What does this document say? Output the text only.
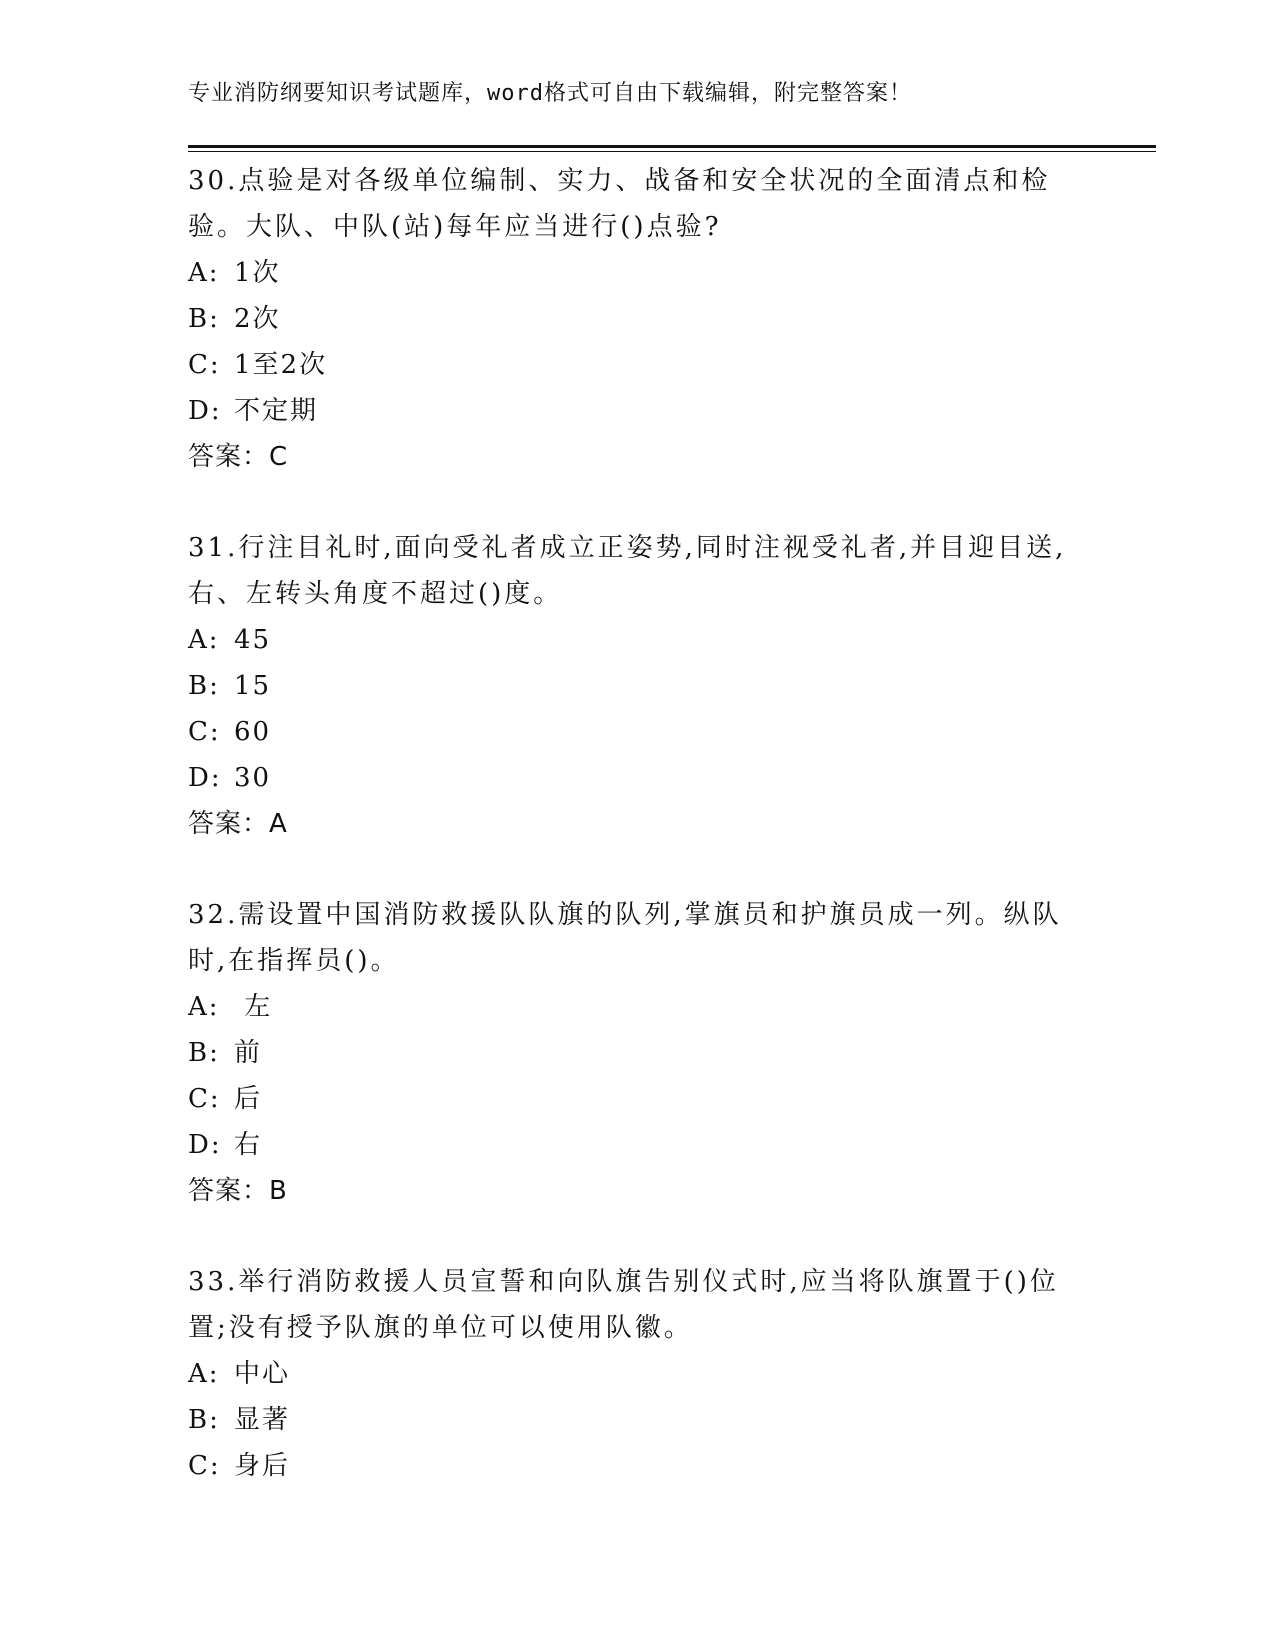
专业消防纲要知识考试题库，word格式可自由下载编辑，附完整答案！

30.点验是对各级单位编制、实力、战备和安全状况的全面清点和检验。大队、中队(站)每年应当进行()点验?

A: 1次

B: 2次

C: 1至2次

D: 不定期

答案：C

31.行注目礼时,面向受礼者成立正姿势,同时注视受礼者,并目迎目送,右、左转头角度不超过()度。

A: 45

B: 15

C: 60

D: 30

答案：A

32.需设置中国消防救援队队旗的队列,掌旗员和护旗员成一列。纵队时,在指挥员()。

A: 左

B: 前

C: 后

D: 右

答案：B

33.举行消防救援人员宣誓和向队旗告别仪式时,应当将队旗置于()位置;没有授予队旗的单位可以使用队徽。

A: 中心

B: 显著

C: 身后
